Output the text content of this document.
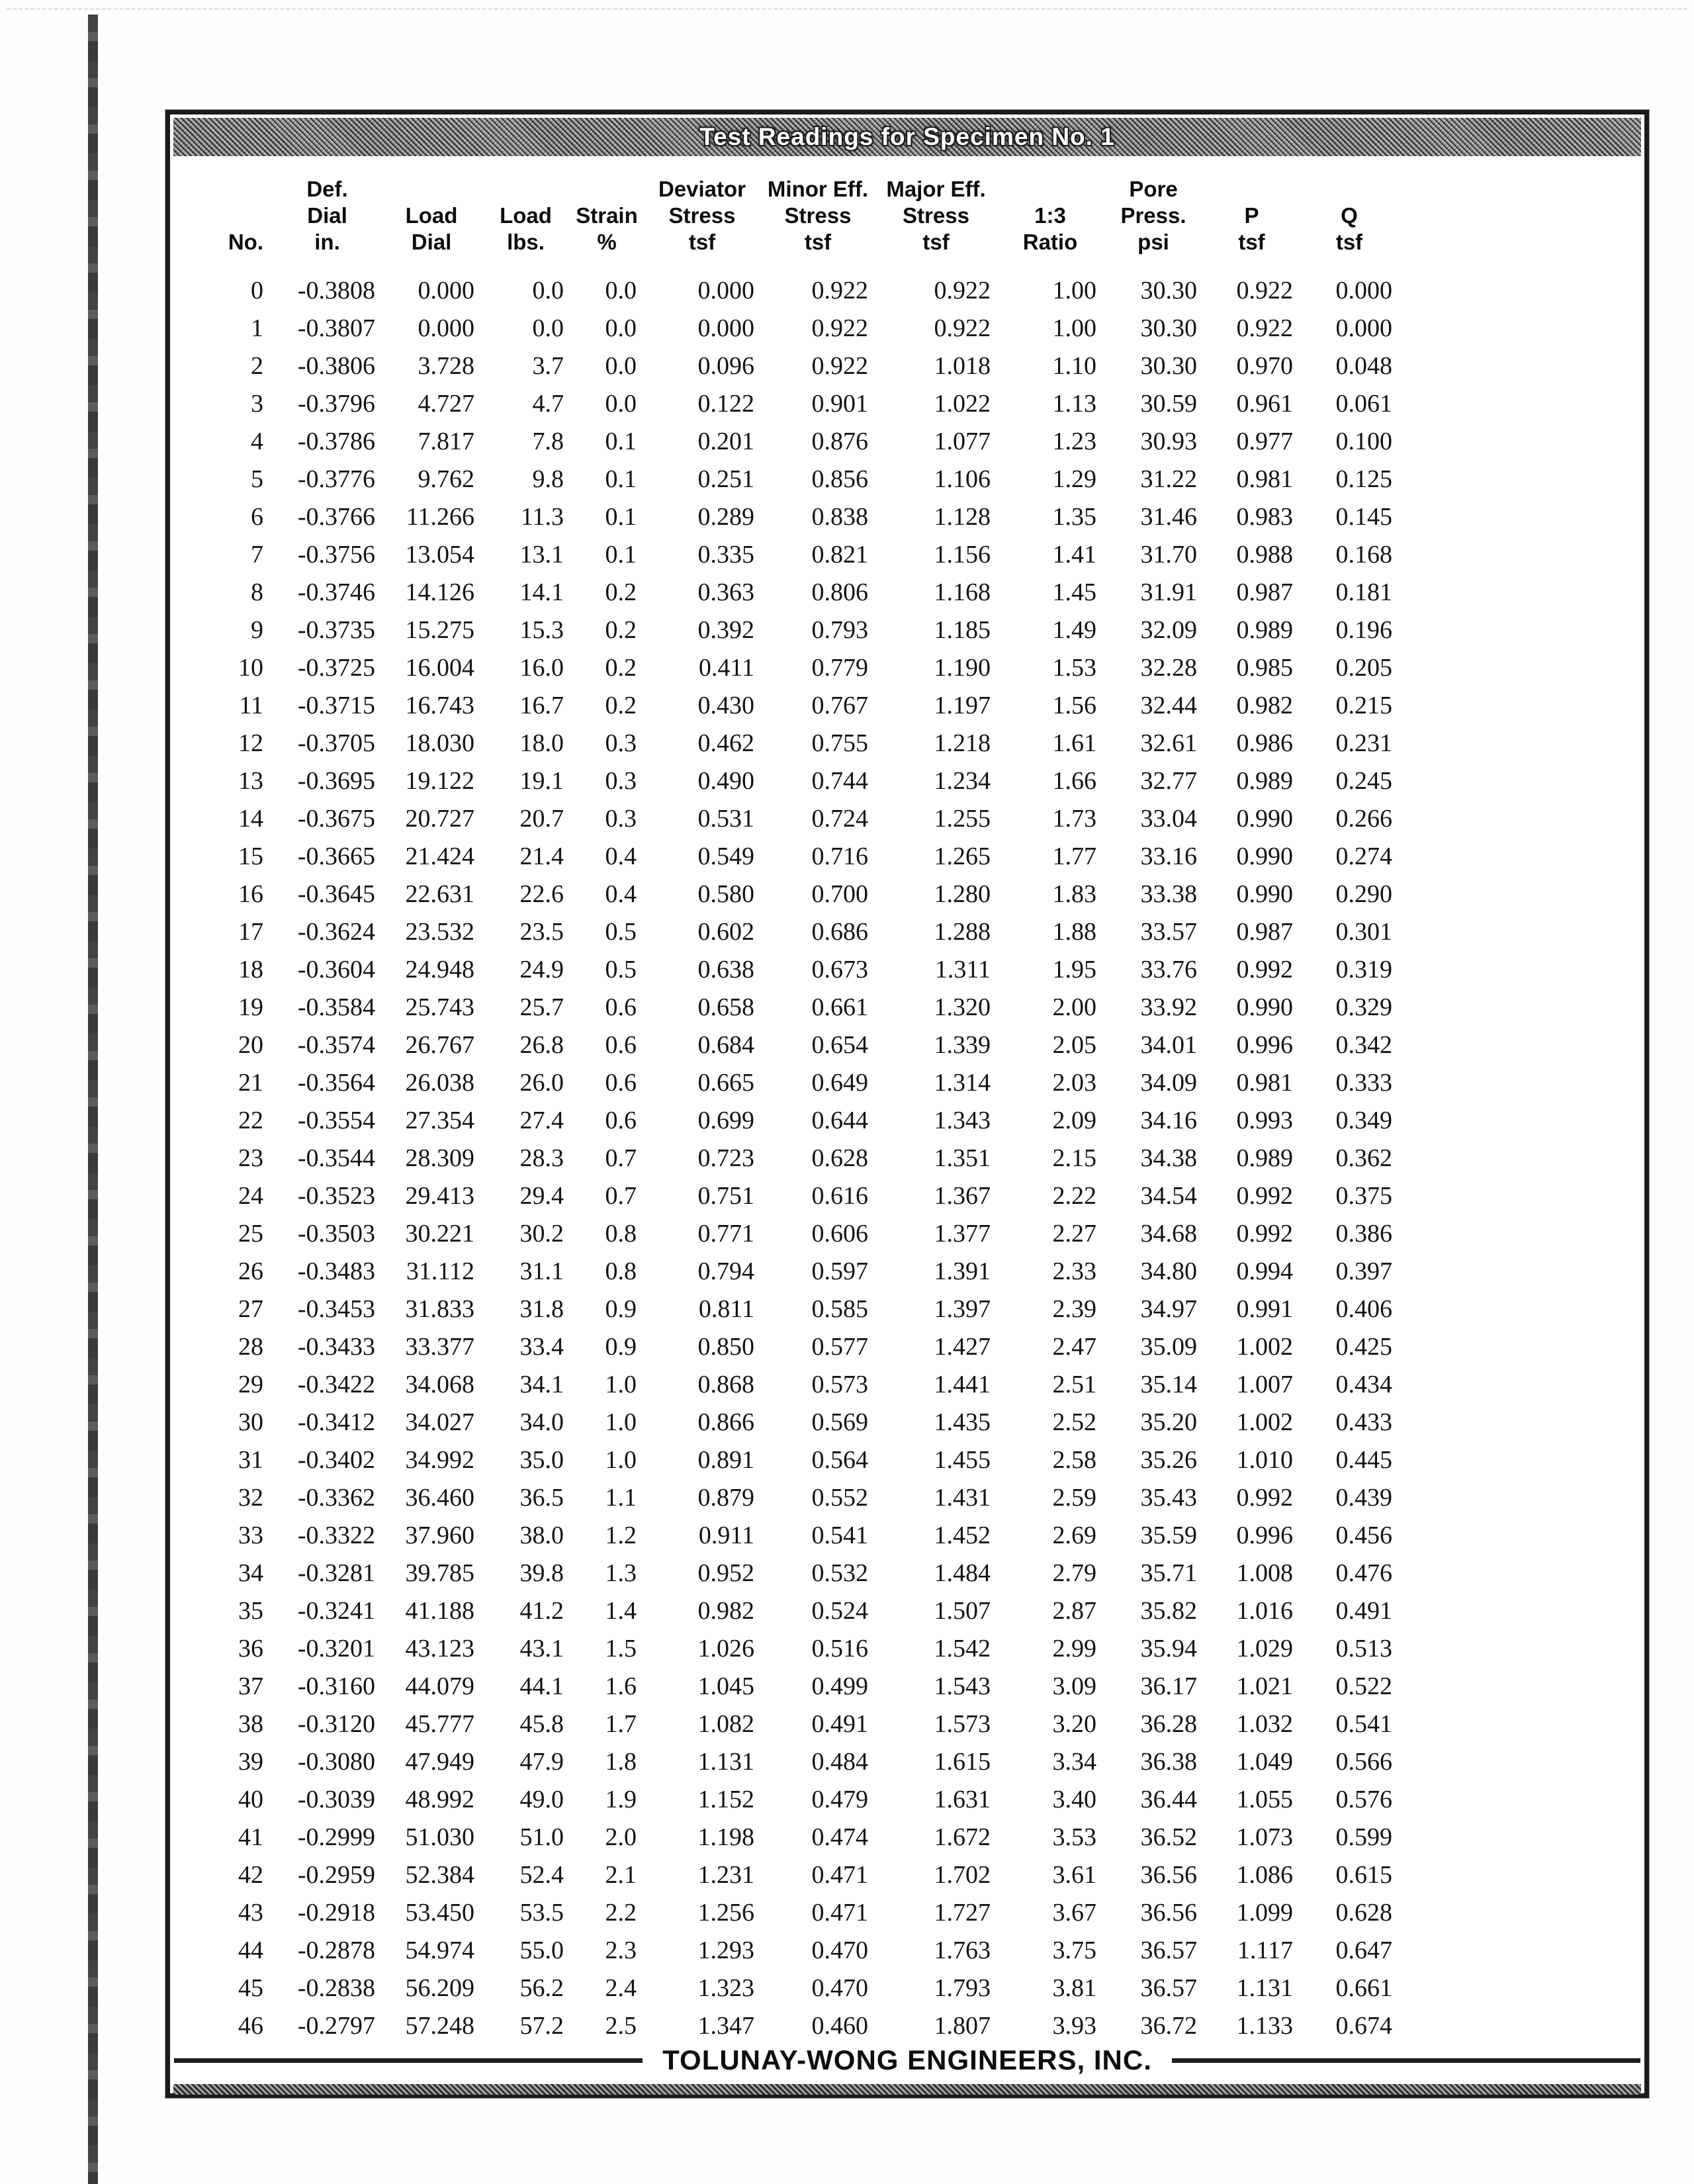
Test Readings for Specimen No. 1
No.

Def.
Dial
in.

Load
Dial

Load
lbs.

Strain
%

Deviator
Stress
tsf

Minor Eff.
Stress
tsf

Major Eff.
Stress
tsf

1:3
Ratio

Pore
Press.
psi

P
tsf

Q
tsf

0	-0.3808	0.000	0.0	0.0	0.000	0.922	0.922	1.00	30.30	0.922	0.000
1	-0.3807	0.000	0.0	0.0	0.000	0.922	0.922	1.00	30.30	0.922	0.000
2	-0.3806	3.728	3.7	0.0	0.096	0.922	1.018	1.10	30.30	0.970	0.048
3	-0.3796	4.727	4.7	0.0	0.122	0.901	1.022	1.13	30.59	0.961	0.061
4	-0.3786	7.817	7.8	0.1	0.201	0.876	1.077	1.23	30.93	0.977	0.100
5	-0.3776	9.762	9.8	0.1	0.251	0.856	1.106	1.29	31.22	0.981	0.125
6	-0.3766	11.266	11.3	0.1	0.289	0.838	1.128	1.35	31.46	0.983	0.145
7	-0.3756	13.054	13.1	0.1	0.335	0.821	1.156	1.41	31.70	0.988	0.168
8	-0.3746	14.126	14.1	0.2	0.363	0.806	1.168	1.45	31.91	0.987	0.181
9	-0.3735	15.275	15.3	0.2	0.392	0.793	1.185	1.49	32.09	0.989	0.196
10	-0.3725	16.004	16.0	0.2	0.411	0.779	1.190	1.53	32.28	0.985	0.205
11	-0.3715	16.743	16.7	0.2	0.430	0.767	1.197	1.56	32.44	0.982	0.215
12	-0.3705	18.030	18.0	0.3	0.462	0.755	1.218	1.61	32.61	0.986	0.231
13	-0.3695	19.122	19.1	0.3	0.490	0.744	1.234	1.66	32.77	0.989	0.245
14	-0.3675	20.727	20.7	0.3	0.531	0.724	1.255	1.73	33.04	0.990	0.266
15	-0.3665	21.424	21.4	0.4	0.549	0.716	1.265	1.77	33.16	0.990	0.274
16	-0.3645	22.631	22.6	0.4	0.580	0.700	1.280	1.83	33.38	0.990	0.290
17	-0.3624	23.532	23.5	0.5	0.602	0.686	1.288	1.88	33.57	0.987	0.301
18	-0.3604	24.948	24.9	0.5	0.638	0.673	1.311	1.95	33.76	0.992	0.319
19	-0.3584	25.743	25.7	0.6	0.658	0.661	1.320	2.00	33.92	0.990	0.329
20	-0.3574	26.767	26.8	0.6	0.684	0.654	1.339	2.05	34.01	0.996	0.342
21	-0.3564	26.038	26.0	0.6	0.665	0.649	1.314	2.03	34.09	0.981	0.333
22	-0.3554	27.354	27.4	0.6	0.699	0.644	1.343	2.09	34.16	0.993	0.349
23	-0.3544	28.309	28.3	0.7	0.723	0.628	1.351	2.15	34.38	0.989	0.362
24	-0.3523	29.413	29.4	0.7	0.751	0.616	1.367	2.22	34.54	0.992	0.375
25	-0.3503	30.221	30.2	0.8	0.771	0.606	1.377	2.27	34.68	0.992	0.386
26	-0.3483	31.112	31.1	0.8	0.794	0.597	1.391	2.33	34.80	0.994	0.397
27	-0.3453	31.833	31.8	0.9	0.811	0.585	1.397	2.39	34.97	0.991	0.406
28	-0.3433	33.377	33.4	0.9	0.850	0.577	1.427	2.47	35.09	1.002	0.425
29	-0.3422	34.068	34.1	1.0	0.868	0.573	1.441	2.51	35.14	1.007	0.434
30	-0.3412	34.027	34.0	1.0	0.866	0.569	1.435	2.52	35.20	1.002	0.433
31	-0.3402	34.992	35.0	1.0	0.891	0.564	1.455	2.58	35.26	1.010	0.445
32	-0.3362	36.460	36.5	1.1	0.879	0.552	1.431	2.59	35.43	0.992	0.439
33	-0.3322	37.960	38.0	1.2	0.911	0.541	1.452	2.69	35.59	0.996	0.456
34	-0.3281	39.785	39.8	1.3	0.952	0.532	1.484	2.79	35.71	1.008	0.476
35	-0.3241	41.188	41.2	1.4	0.982	0.524	1.507	2.87	35.82	1.016	0.491
36	-0.3201	43.123	43.1	1.5	1.026	0.516	1.542	2.99	35.94	1.029	0.513
37	-0.3160	44.079	44.1	1.6	1.045	0.499	1.543	3.09	36.17	1.021	0.522
38	-0.3120	45.777	45.8	1.7	1.082	0.491	1.573	3.20	36.28	1.032	0.541
39	-0.3080	47.949	47.9	1.8	1.131	0.484	1.615	3.34	36.38	1.049	0.566
40	-0.3039	48.992	49.0	1.9	1.152	0.479	1.631	3.40	36.44	1.055	0.576
41	-0.2999	51.030	51.0	2.0	1.198	0.474	1.672	3.53	36.52	1.073	0.599
42	-0.2959	52.384	52.4	2.1	1.231	0.471	1.702	3.61	36.56	1.086	0.615
43	-0.2918	53.450	53.5	2.2	1.256	0.471	1.727	3.67	36.56	1.099	0.628
44	-0.2878	54.974	55.0	2.3	1.293	0.470	1.763	3.75	36.57	1.117	0.647
45	-0.2838	56.209	56.2	2.4	1.323	0.470	1.793	3.81	36.57	1.131	0.661
46	-0.2797	57.248	57.2	2.5	1.347	0.460	1.807	3.93	36.72	1.133	0.674
TOLUNAY-WONG ENGINEERS, INC.
